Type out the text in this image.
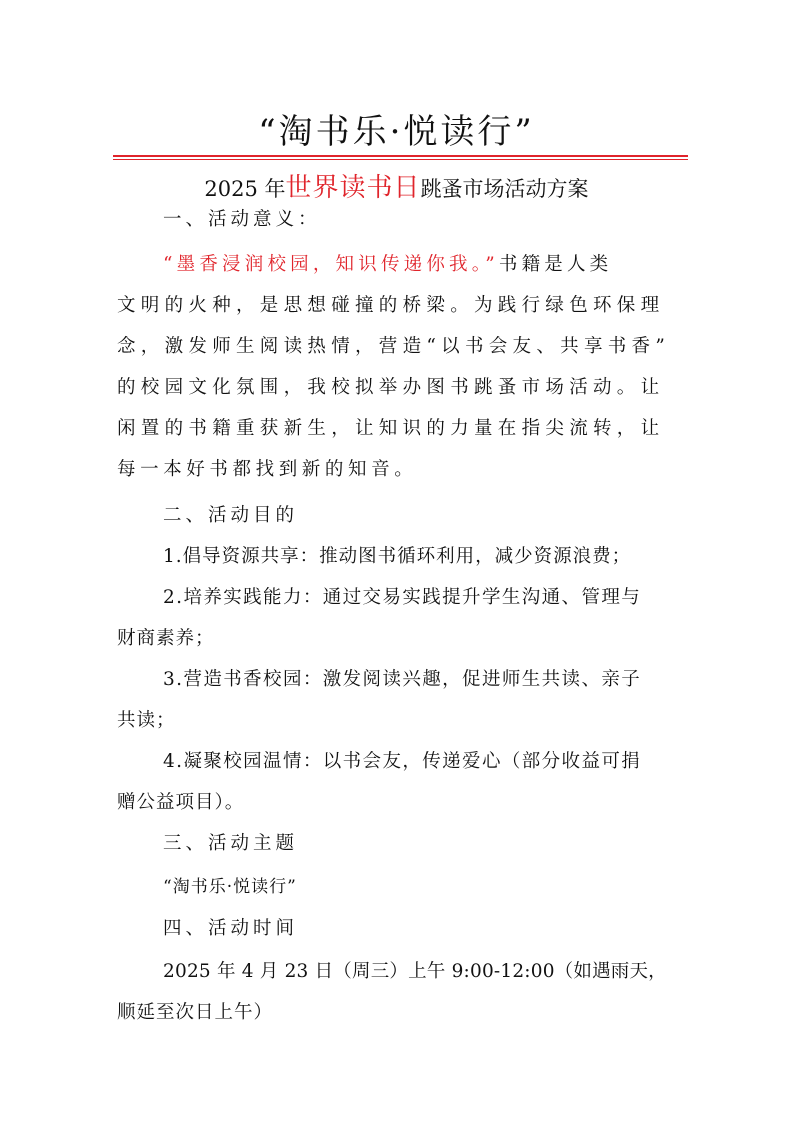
“淘书乐·悦读行”
2025 年世界读书日跳蚤市场活动方案

一、活动意义：

“墨香浸润校园，知识传递你我。”书籍是人类

文明的火种，是思想碰撞的桥梁。为践行绿色环保理

念，激发师生阅读热情，营造“以书会友、共享书香”

的校园文化氛围，我校拟举办图书跳蚤市场活动。让

闲置的书籍重获新生，让知识的力量在指尖流转，让

每一本好书都找到新的知音。

二、活动目的

1.倡导资源共享：推动图书循环利用，减少资源浪费；

2.培养实践能力：通过交易实践提升学生沟通、管理与

财商素养；

3.营造书香校园：激发阅读兴趣，促进师生共读、亲子

共读；

4.凝聚校园温情：以书会友，传递爱心（部分收益可捐

赠公益项目）。

三、活动主题

“淘书乐·悦读行”

四、活动时间

2025 年 4 月 23 日（周三）上午 9:00-12:00（如遇雨天，

顺延至次日上午）
